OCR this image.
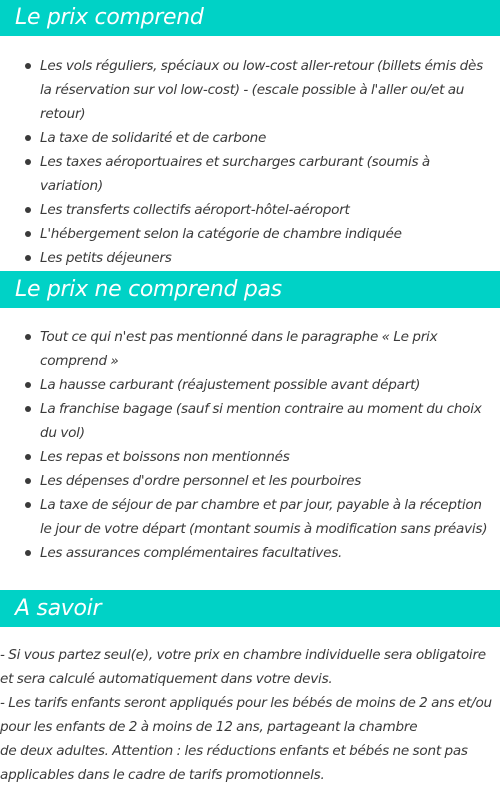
Le prix comprend
Les vols réguliers, spéciaux ou low-cost aller-retour (billets émis dès la réservation sur vol low-cost) - (escale possible à l'aller ou/et au retour)
La taxe de solidarité et de carbone
Les taxes aéroportuaires et surcharges carburant (soumis à variation)
Les transferts collectifs aéroport-hôtel-aéroport
L'hébergement selon la catégorie de chambre indiquée
Les petits déjeuners
Le prix ne comprend pas
Tout ce qui n'est pas mentionné dans le paragraphe « Le prix comprend »
La hausse carburant (réajustement possible avant départ)
La franchise bagage (sauf si mention contraire au moment du choix du vol)
Les repas et boissons non mentionnés
Les dépenses d'ordre personnel et les pourboires
La taxe de séjour de par chambre et par jour, payable à la réception le jour de votre départ (montant soumis à modification sans préavis)
Les assurances complémentaires facultatives.
A savoir

- Si vous partez seul(e), votre prix en chambre individuelle sera obligatoire et sera calculé automatiquement dans votre devis.

- Les tarifs enfants seront appliqués pour les bébés de moins de 2 ans et/ou pour les enfants de 2 à moins de 12 ans, partageant la chambre

de deux adultes. Attention : les réductions enfants et bébés ne sont pas applicables dans le cadre de tarifs promotionnels.
